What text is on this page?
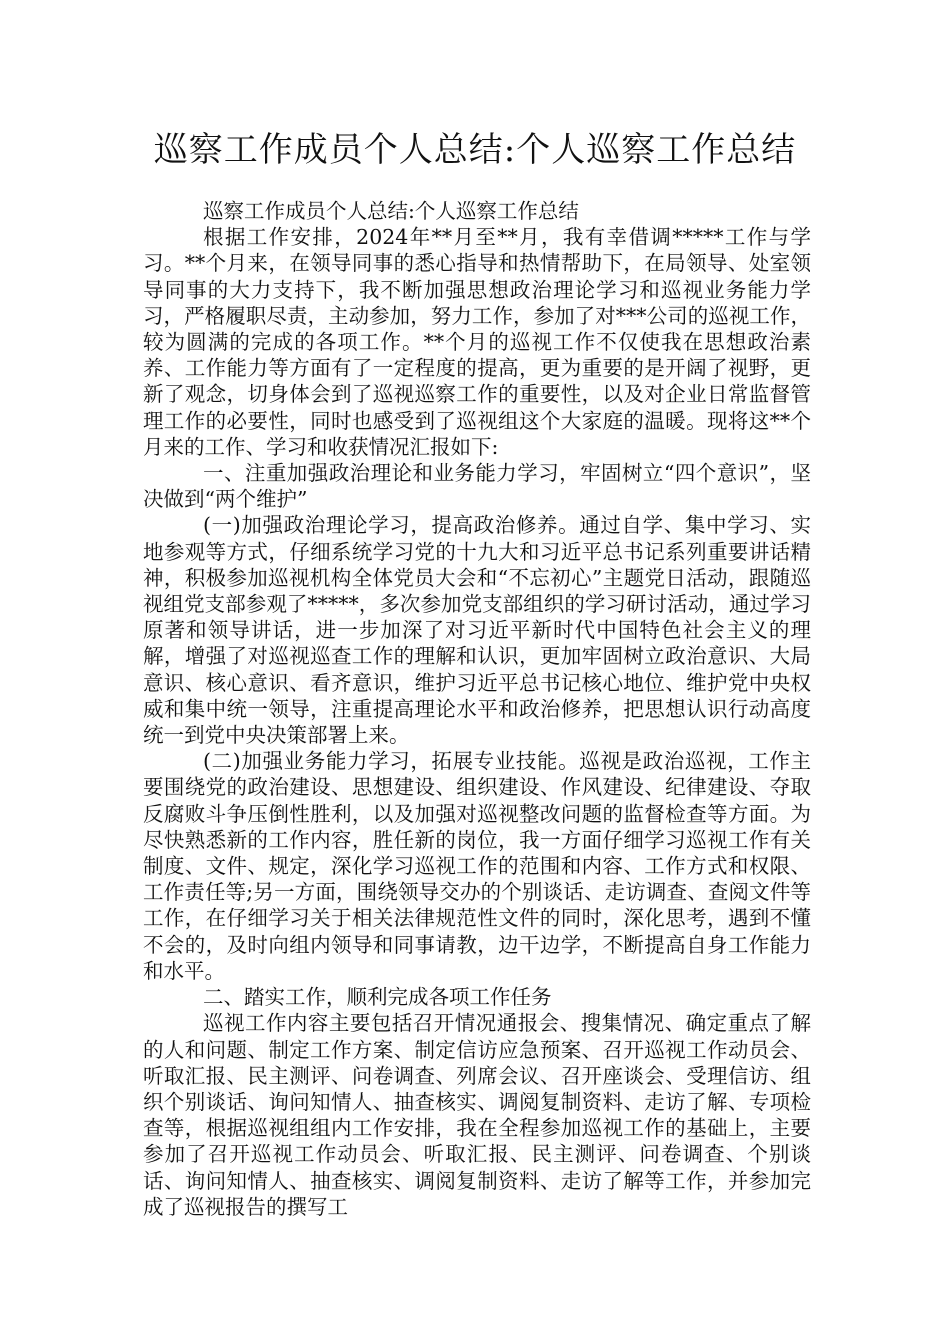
巡察工作成员个人总结:个人巡察工作总结

巡察工作成员个人总结:个人巡察工作总结

根据工作安排，2024年**月至**月，我有幸借调*****工作与学习。**个月来，在领导同事的悉心指导和热情帮助下，在局领导、处室领导同事的大力支持下，我不断加强思想政治理论学习和巡视业务能力学习，严格履职尽责，主动参加，努力工作，参加了对***公司的巡视工作，较为圆满的完成的各项工作。**个月的巡视工作不仅使我在思想政治素养、工作能力等方面有了一定程度的提高，更为重要的是开阔了视野，更新了观念，切身体会到了巡视巡察工作的重要性，以及对企业日常监督管理工作的必要性，同时也感受到了巡视组这个大家庭的温暖。现将这**个月来的工作、学习和收获情况汇报如下:

一、注重加强政治理论和业务能力学习，牢固树立“四个意识”，坚决做到“两个维护”

(一)加强政治理论学习，提高政治修养。通过自学、集中学习、实地参观等方式，仔细系统学习党的十九大和习近平总书记系列重要讲话精神，积极参加巡视机构全体党员大会和“不忘初心”主题党日活动，跟随巡视组党支部参观了*****，多次参加党支部组织的学习研讨活动，通过学习原著和领导讲话，进一步加深了对习近平新时代中国特色社会主义的理解，增强了对巡视巡查工作的理解和认识，更加牢固树立政治意识、大局意识、核心意识、看齐意识，维护习近平总书记核心地位、维护党中央权威和集中统一领导，注重提高理论水平和政治修养，把思想认识行动高度统一到党中央决策部署上来。

(二)加强业务能力学习，拓展专业技能。巡视是政治巡视，工作主要围绕党的政治建设、思想建设、组织建设、作风建设、纪律建设、夺取反腐败斗争压倒性胜利，以及加强对巡视整改问题的监督检查等方面。为尽快熟悉新的工作内容，胜任新的岗位，我一方面仔细学习巡视工作有关制度、文件、规定，深化学习巡视工作的范围和内容、工作方式和权限、工作责任等;另一方面，围绕领导交办的个别谈话、走访调查、查阅文件等工作，在仔细学习关于相关法律规范性文件的同时，深化思考，遇到不懂不会的，及时向组内领导和同事请教，边干边学，不断提高自身工作能力和水平。

二、踏实工作，顺利完成各项工作任务

巡视工作内容主要包括召开情况通报会、搜集情况、确定重点了解的人和问题、制定工作方案、制定信访应急预案、召开巡视工作动员会、听取汇报、民主测评、问卷调查、列席会议、召开座谈会、受理信访、组织个别谈话、询问知情人、抽查核实、调阅复制资料、走访了解、专项检查等，根据巡视组组内工作安排，我在全程参加巡视工作的基础上，主要参加了召开巡视工作动员会、听取汇报、民主测评、问卷调查、个别谈话、询问知情人、抽查核实、调阅复制资料、走访了解等工作，并参加完成了巡视报告的撰写工
